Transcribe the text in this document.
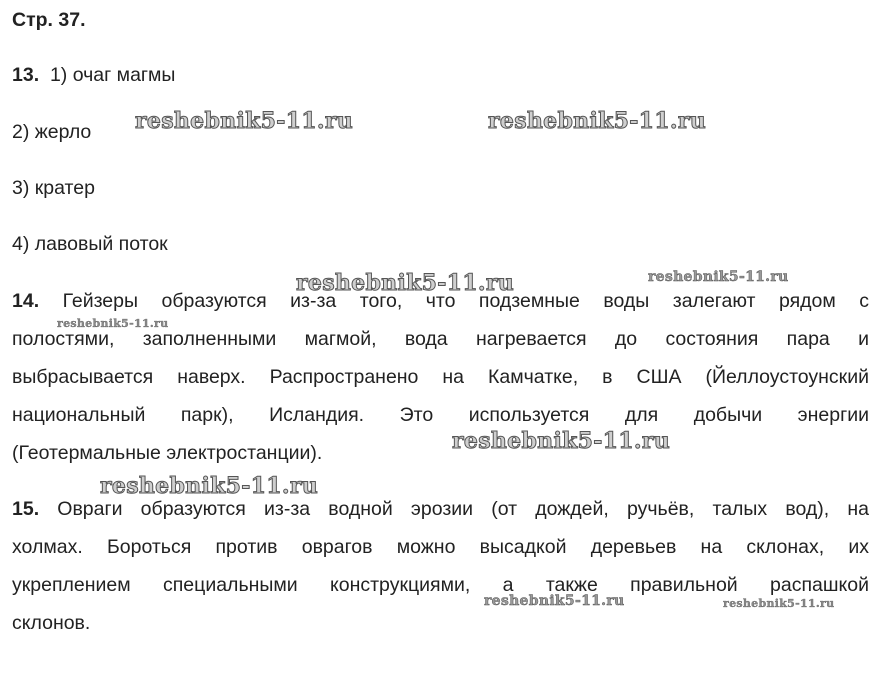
Стр. 37.
13. 1) очаг магмы
2) жерло
3) кратер
4) лавовый поток
14. Гейзеры образуются из-за того, что подземные воды залегают рядом с
полостями, заполненными магмой, вода нагревается до состояния пара и
выбрасывается наверх. Распространено на Камчатке, в США (Йеллоустоунский
национальный парк), Исландия. Это используется для добычи энергии
(Геотермальные электростанции).
15. Овраги образуются из-за водной эрозии (от дождей, ручьёв, талых вод), на
холмах. Бороться против оврагов можно высадкой деревьев на склонах, их
укреплением специальными конструкциями, а также правильной распашкой
склонов.
reshebnik5-11.ru	reshebnik5-11.ru
reshebnik5-11.ru	reshebnik5-11.ru
reshebnik5-11.ru
reshebnik5-11.ru
reshebnik5-11.ru
reshebnik5-11.ru	reshebnik5-11.ru
